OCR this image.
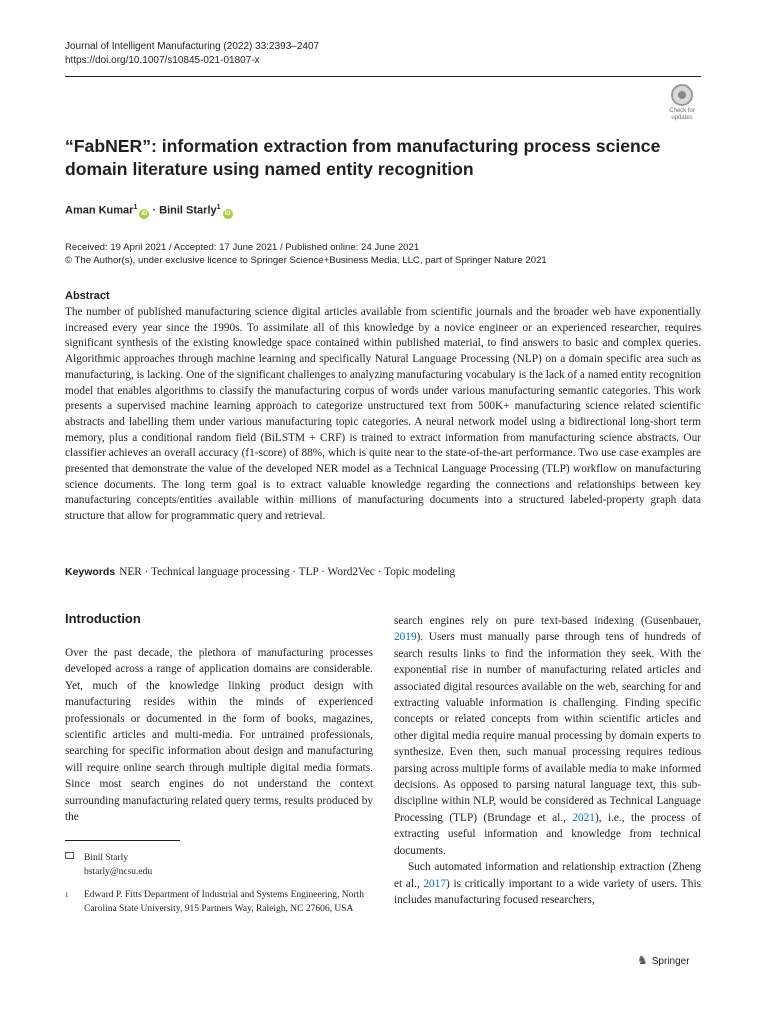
Journal of Intelligent Manufacturing (2022) 33:2393–2407
https://doi.org/10.1007/s10845-021-01807-x
Check for
updates
“FabNER”: information extraction from manufacturing process science domain literature using named entity recognition
Aman Kumar$^1$iD · Binil Starly$^1$iD
Received: 19 April 2021 / Accepted: 17 June 2021 / Published online: 24 June 2021
© The Author(s), under exclusive licence to Springer Science+Business Media, LLC, part of Springer Nature 2021
Abstract

The number of published manufacturing science digital articles available from scientific journals and the broader web have exponentially increased every year since the 1990s. To assimilate all of this knowledge by a novice engineer or an experienced researcher, requires significant synthesis of the existing knowledge space contained within published material, to find answers to basic and complex queries. Algorithmic approaches through machine learning and specifically Natural Language Processing (NLP) on a domain specific area such as manufacturing, is lacking. One of the significant challenges to analyzing manufacturing vocabulary is the lack of a named entity recognition model that enables algorithms to classify the manufacturing corpus of words under various manufacturing semantic categories. This work presents a supervised machine learning approach to categorize unstructured text from 500K+ manufacturing science related scientific abstracts and labelling them under various manufacturing topic categories. A neural network model using a bidirectional long-short term memory, plus a conditional random field (BiLSTM + CRF) is trained to extract information from manufacturing science abstracts. Our classifier achieves an overall accuracy (f1-score) of 88%, which is quite near to the state-of-the-art performance. Two use case examples are presented that demonstrate the value of the developed NER model as a Technical Language Processing (TLP) workflow on manufacturing science documents. The long term goal is to extract valuable knowledge regarding the connections and relationships between key manufacturing concepts/entities available within millions of manufacturing documents into a structured labeled-property graph data structure that allow for programmatic query and retrieval.

Keywords NER · Technical language processing · TLP · Word2Vec · Topic modeling
Introduction

Over the past decade, the plethora of manufacturing processes developed across a range of application domains are considerable. Yet, much of the knowledge linking product design with manufacturing resides within the minds of experienced professionals or documented in the form of books, magazines, scientific articles and multi-media. For untrained professionals, searching for specific information about design and manufacturing will require online search through multiple digital media formats. Since most search engines do not understand the context surrounding manufacturing related query terms, results produced by the

search engines rely on pure text-based indexing (Gusenbauer, 2019). Users must manually parse through tens of hundreds of search results links to find the information they seek. With the exponential rise in number of manufacturing related articles and associated digital resources available on the web, searching for and extracting valuable information is challenging. Finding specific concepts or related concepts from within scientific articles and other digital media require manual processing by domain experts to synthesize. Even then, such manual processing requires tedious parsing across multiple forms of available media to make informed decisions. As opposed to parsing natural language text, this sub-discipline within NLP, would be considered as Technical Language Processing (TLP) (Brundage et al., 2021), i.e., the process of extracting useful information and knowledge from technical documents.

Such automated information and relationship extraction (Zheng et al., 2017) is critically important to a wide variety of users. This includes manufacturing focused researchers,

Binil Starly
bstarly@ncsu.edu
1 Edward P. Fitts Department of Industrial and Systems Engineering, North Carolina State University, 915 Partners Way, Raleigh, NC 27606, USA
♞ Springer
